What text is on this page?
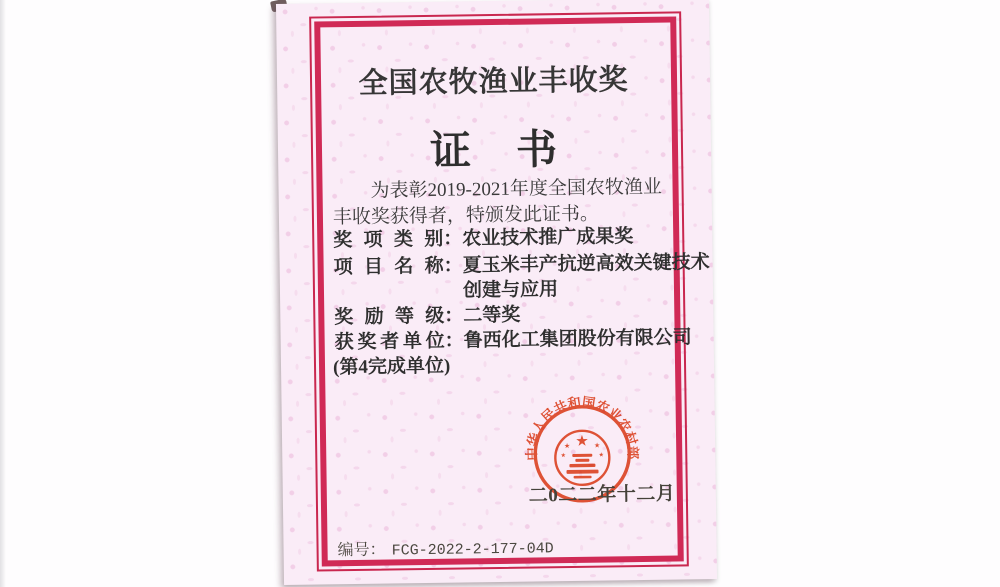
全国农牧渔业丰收奖
证　书
为表彰2019-2021年度全国农牧渔业
丰收奖获得者，特颁发此证书。
奖项类别 ： 农业技术推广成果奖
项目名称 ： 夏玉米丰产抗逆高效关键技术
创建与应用
奖励等级 ： 二等奖
获奖者单位 ： 鲁西化工集团股份有限公司
(第4完成单位)
中华人民共和国农业农村部
★
★	★
★	★
二0二二年十二月
编号： FCG-2022-2-177-04D
